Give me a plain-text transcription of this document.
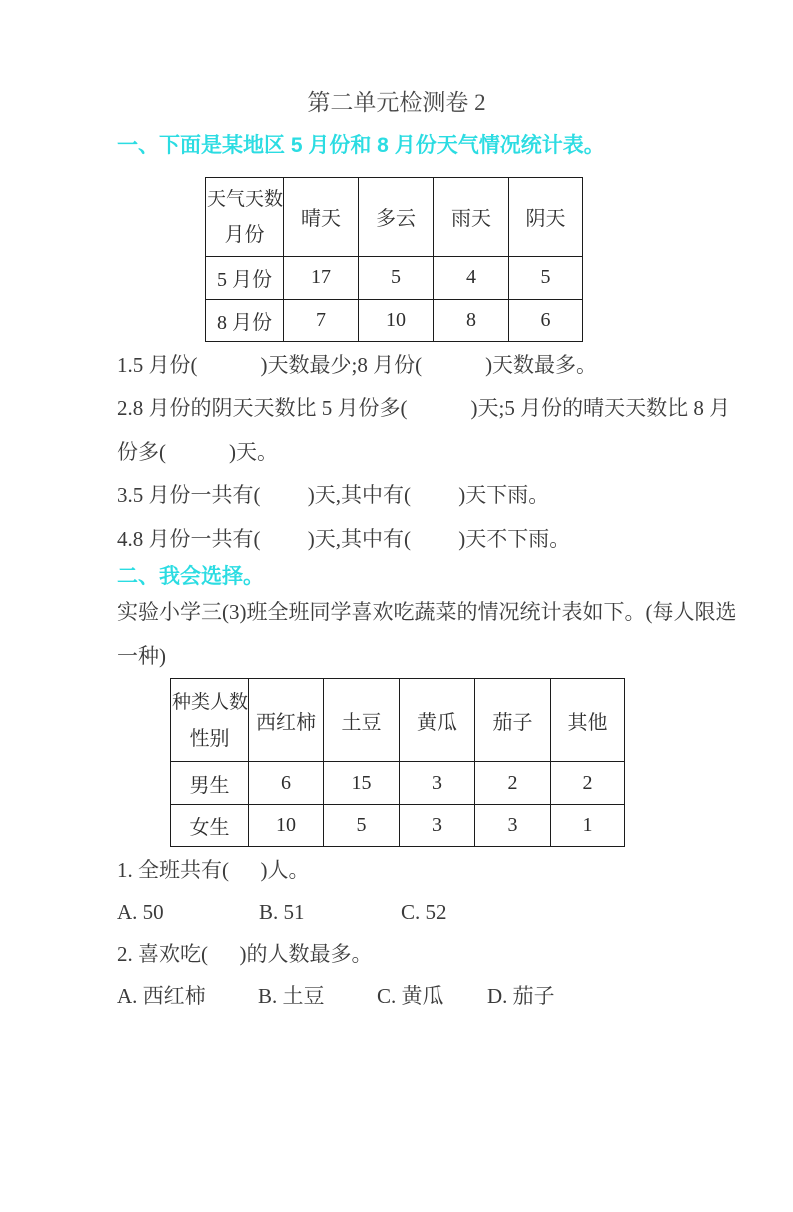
第二单元检测卷 2
一、下面是某地区 5 月份和 8 月份天气情况统计表。
天气天数
月份	晴天	多云	雨天	阴天
5 月份	17	5	4	5
8 月份	7	10	8	6

1.5 月份(            )天数最少;8 月份(            )天数最多。

2.8 月份的阴天天数比 5 月份多(            )天;5 月份的晴天天数比 8 月

份多(            )天。

3.5 月份一共有(         )天,其中有(         )天下雨。

4.8 月份一共有(         )天,其中有(         )天不下雨。

二、我会选择。

实验小学三(3)班全班同学喜欢吃蔬菜的情况统计表如下。(每人限选

一种)

种类人数
性别	西红柿	土豆	黄瓜	茄子	其他
男生	6	15	3	2	2
女生	10	5	3	3	1

1. 全班共有(      )人。

A. 50	B. 51	C. 52

2. 喜欢吃(      )的人数最多。

A. 西红柿	B. 土豆	C. 黄瓜	D. 茄子
